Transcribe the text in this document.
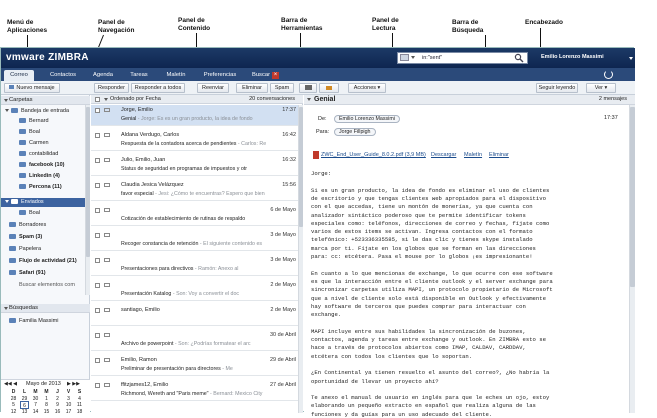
Menú de
Aplicaciones
Panel de
Navegación
Panel de
Contenido
Barra de
Herramientas
Panel de
Lectura
Barra de
Búsqueda
Encabezado
vmware ZIMBRA	in:"sent"	Emilio Lorenzo Massimi
Correo	Contactos	Agenda	Tareas	Maletín	Preferencias	Buscar ×
Nuevo mensaje	Responder	Responder a todos	Reenviar	Eliminar	Spam	Acciones ▾	Seguir leyendo	Ver ▾
Carpetas
Bandeja de entrada
Bernard
Boal
Carmen
contabilidad
facebook (10)
Linkedin (4)
Percona (11)
Enviados
Boal
Borradores
Spam (3)
Papelera
Flujo de actividad (21)
Safari (91)
Buscar elementos com
Búsquedas
Familia Massimi
◀◀ ◀ Mayo de 2013 ▶ ▶▶
D	L	M	M	J	V	S
28	29	30	1	2	3	4
5	6	7	8	9	10	11
12	13	14	15	16	17	18
Ordenado por Fecha	20 conversaciones
Jorge, Emilio	17:37
Genial - Jorge: Es es un gran producto, la idea de fondo
Aldana Verdugo, Carlos	16:42
Respuesta de la contadora acerca de pendientes - Carlos: Re
Julio, Emilio, Juan	16:32
Status de seguridad en programas de impuestos y otr
Claudia Jesica Velázquez	15:56
favor especial - Jesi: ¿Cómo te encuentras? Espero que bien
6 de Mayo
Cotización de establecimiento de rutinas de respaldo
3 de Mayo
Recoger constancia de retención - El siguiente contenido es
3 de Mayo
Presentaciones para directivos - Ramón: Anexo al
2 de Mayo
Presentación Katalog - Son: Voy a convertir el doc
santiago, Emilio	2 de Mayo
30 de Abril
Archivo de powerpoint - Son: ¿Podrías formatear el arc
Emilio, Ramon	29 de Abril
Preliminar de presentación para directores - Me
ffitzjames12, Emilio	27 de Abril
Richmond, Wereth and "Paris meme" - Bernard: Mexico City
Genial	2 mensajes
De:	Emilio Lorenzo Massimi	17:37
Para:	Jorge Fillpigh
ZWC_End_User_Guide_8.0.2.pdf (3,9 MB) Descargar Maletín Eliminar
Jorge:
Si es un gran producto, la idea de fondo es eliminar el uso de clientes
de escritorio y que tengas clientes web apropiados para el dispositivo
con el que accedas, tiene un montón de monerías, ya que cuenta con
analizador sintáctico poderoso que te permite identificar tokens
especiales como: teléfonos, direcciones de correo y fechas, fíjate como
varios de estos items se activan. Ingresa contactos con el formato
telefónico: +523336335585, si le das clic y tienes skype instalado
marca por ti. Fíjate en los globos que se forman en las direcciones
para: cc: etcétera. Pasa el mouse por lo globos ¡es impresionante!
En cuanto a lo que mencionas de exchange, lo que ocurre con ese software
es que la interacción entre el cliente outlook y el server exchange para
sincronizar carpetas utiliza MAPI, un protocolo propietario de Microsoft
que a nivel de cliente solo está disponible en Outlook y efectivamente
hay software de terceros que puedes comprar para interactuar con
exchange.
MAPI incluye entre sus habilidades la sincronización de buzones,
contactos, agenda y tareas entre exchange y outlook. En ZIMBRA esto se
hace a través de protocolos abiertos como IMAP, CALDAV, CARDDAV,
etcétera con todos los clientes que lo soportan.
¿En Continental ya tienen resuelto el asunto del correo?, ¿No habría la
oportunidad de llevar un proyecto ahí?
Te anexo el manual de usuario en inglés para que le eches un ojo, estoy
elaborando un pequeño extracto en español que realiza alguna de las
funciones y da guías para un uso adecuado del cliente.
